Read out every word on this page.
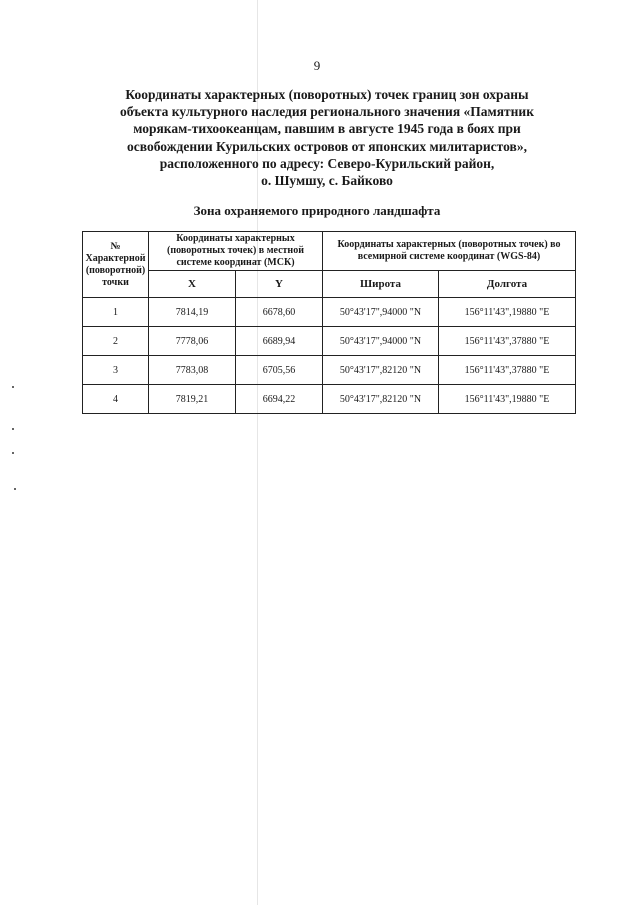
9
Координаты характерных (поворотных) точек границ зон охраны
объекта культурного наследия регионального значения «Памятник
морякам-тихоокеанцам, павшим в августе 1945 года в боях при
освобождении Курильских островов от японских милитаристов»,
расположенного по адресу: Северо-Курильский район,
о. Шумшу, с. Байково
Зона охраняемого природного ландшафта
№ Характерной (поворотной) точки	Координаты характерных (поворотных точек) в местной системе координат (МСК)		Координаты характерных (поворотных точек) во всемирной системе координат (WGS-84)	
	X	Y	Широта	Долгота
1	7814,19	6678,60	50°43'17",94000 "N	156°11'43",19880 "E
2	7778,06	6689,94	50°43'17",94000 "N	156°11'43",37880 "E
3	7783,08	6705,56	50°43'17",82120 "N	156°11'43",37880 "E
4	7819,21	6694,22	50°43'17",82120 "N	156°11'43",19880 "E
